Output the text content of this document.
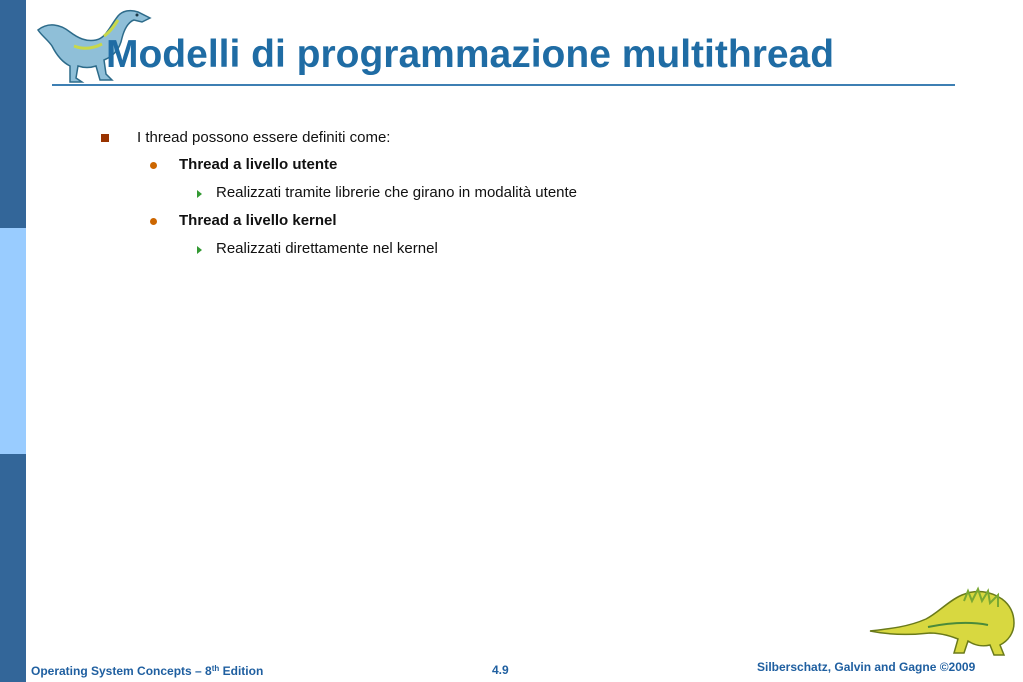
Modelli di programmazione multithread
I thread possono essere definiti come:
Thread a livello utente
Realizzati tramite librerie che girano in modalità utente
Thread a livello kernel
Realizzati direttamente nel kernel
Operating System Concepts – 8th Edition	4.9	Silberschatz, Galvin and Gagne ©2009
